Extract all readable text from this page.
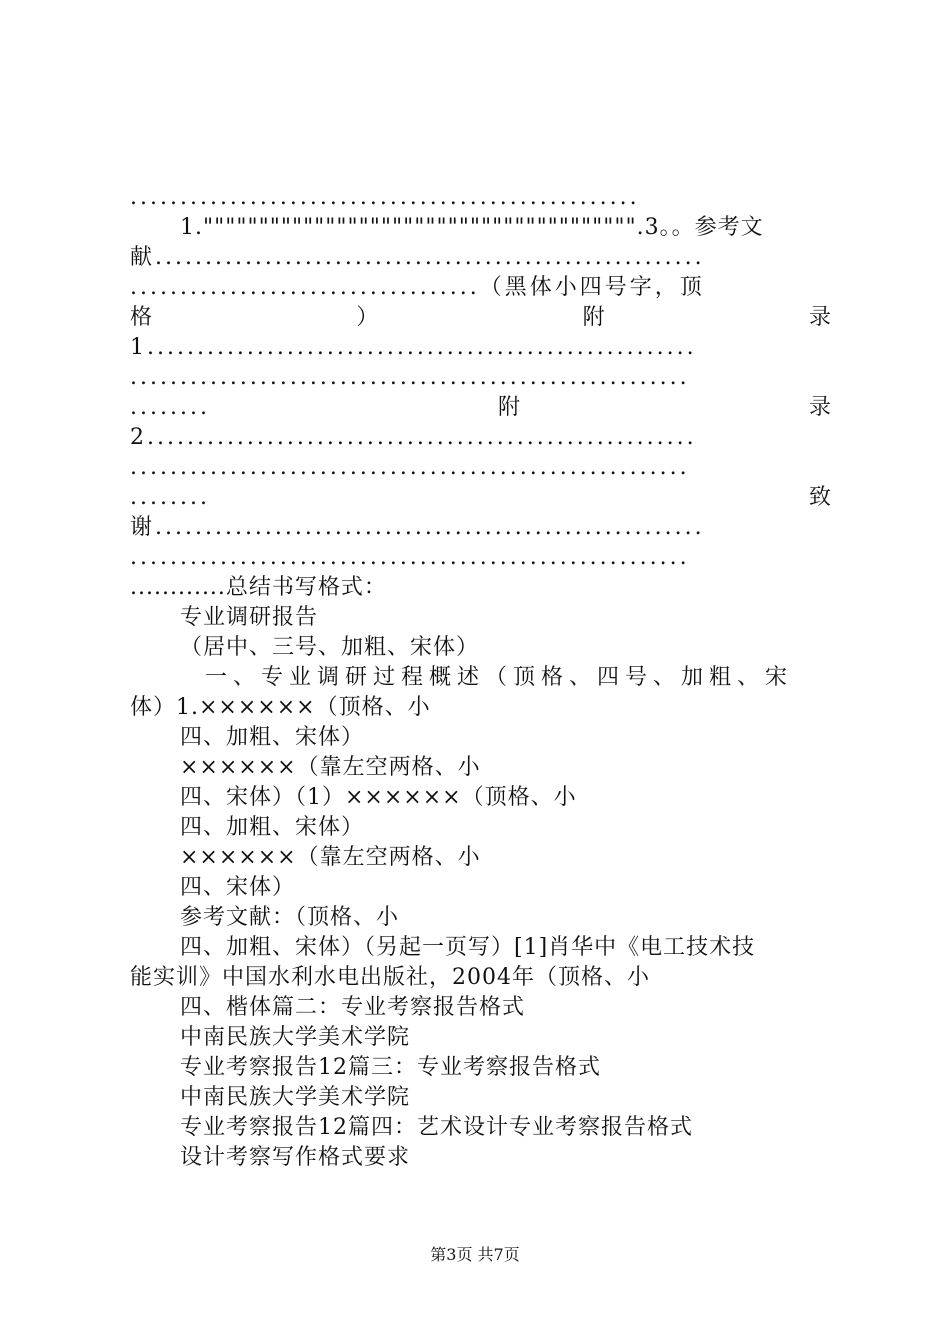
...................................................
1.""""""""""""""""""""""""""""""""""""""".3。。参考文
献.......................................................
...................................（黑体小四号字，顶
格	）	附	录
1.......................................................
........................................................
........	附	录
2.......................................................
........................................................
........	致
谢.......................................................
........................................................
............总结书写格式：
专业调研报告
（居中、三号、加粗、宋体）
一、专业调研过程概述（顶格、四号、加粗、宋
体）1.××××××（顶格、小
四、加粗、宋体）
××××××（靠左空两格、小
四、宋体）（1）××××××（顶格、小
四、加粗、宋体）
××××××（靠左空两格、小
四、宋体）
参考文献：（顶格、小
四、加粗、宋体）（另起一页写）[1]肖华中《电工技术技
能实训》中国水利水电出版社，2004年（顶格、小
四、楷体篇二：专业考察报告格式
中南民族大学美术学院
专业考察报告12篇三：专业考察报告格式
中南民族大学美术学院
专业考察报告12篇四：艺术设计专业考察报告格式
设计考察写作格式要求
第3页 共7页
